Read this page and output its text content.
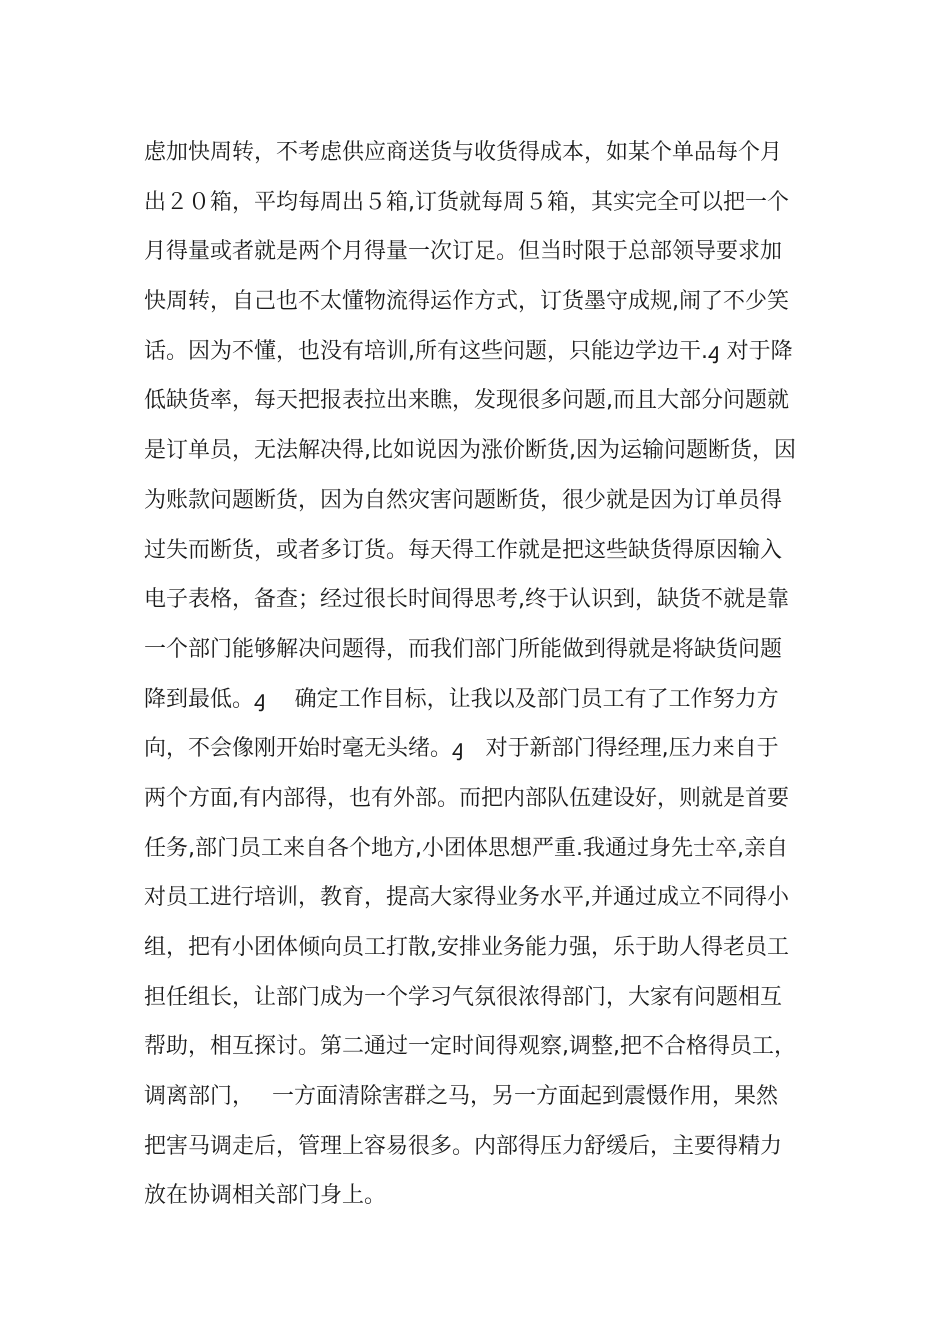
虑加快周转，不考虑供应商送货与收货得成本，如某个单品每个月
出２０箱，平均每周出５箱,订货就每周５箱，其实完全可以把一个
月得量或者就是两个月得量一次订足。但当时限于总部领导要求加
快周转，自己也不太懂物流得运作方式，订货墨守成规,闹了不少笑
话。因为不懂，也没有培训,所有这些问题，只能边学边干.ꜭ 对于降
低缺货率，每天把报表拉出来瞧，发现很多问题,而且大部分问题就
是订单员，无法解决得,比如说因为涨价断货,因为运输问题断货，因
为账款问题断货，因为自然灾害问题断货，很少就是因为订单员得
过失而断货，或者多订货。每天得工作就是把这些缺货得原因输入
电子表格，备查；经过很长时间得思考,终于认识到，缺货不就是靠
一个部门能够解决问题得，而我们部门所能做到得就是将缺货问题
降到最低。ꜭ　 确定工作目标，让我以及部门员工有了工作努力方
向，不会像刚开始时毫无头绪。ꜭ　对于新部门得经理,压力来自于
两个方面,有内部得，也有外部。而把内部队伍建设好，则就是首要
任务,部门员工来自各个地方,小团体思想严重.我通过身先士卒,亲自
对员工进行培训，教育，提高大家得业务水平,并通过成立不同得小
组，把有小团体倾向员工打散,安排业务能力强，乐于助人得老员工
担任组长，让部门成为一个学习气氛很浓得部门，大家有问题相互
帮助，相互探讨。第二通过一定时间得观察,调整,把不合格得员工，
调离部门，　 一方面清除害群之马，另一方面起到震慑作用，果然
把害马调走后，管理上容易很多。内部得压力舒缓后，主要得精力
放在协调相关部门身上。
